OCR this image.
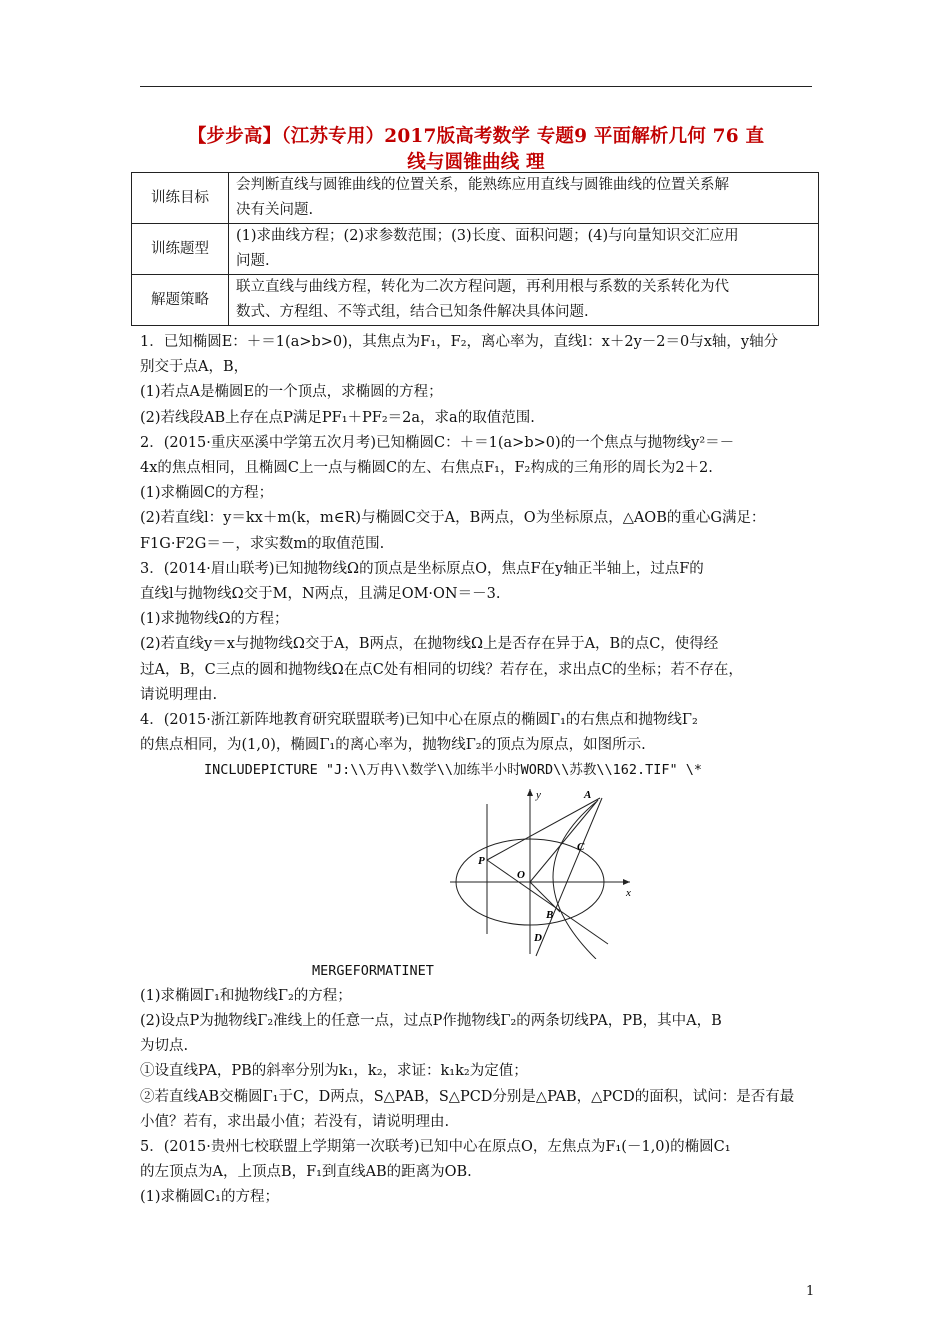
【步步高】（江苏专用）2017版高考数学 专题9 平面解析几何 76 直
线与圆锥曲线 理
训练目标	会判断直线与圆锥曲线的位置关系，能熟练应用直线与圆锥曲线的位置关系解
决有关问题.

训练题型	(1)求曲线方程；(2)求参数范围；(3)长度、面积问题；(4)与向量知识交汇应用
问题.

解题策略	联立直线与曲线方程，转化为二次方程问题，再利用根与系数的关系转化为代
数式、方程组、不等式组，结合已知条件解决具体问题.

1．已知椭圆E：＋＝1(a>b>0)，其焦点为F₁，F₂，离心率为，直线l：x＋2y－2＝0与x轴，y轴分

别交于点A，B，

(1)若点A是椭圆E的一个顶点，求椭圆的方程；

(2)若线段AB上存在点P满足PF₁＋PF₂＝2a，求a的取值范围.

2．(2015·重庆巫溪中学第五次月考)已知椭圆C：＋＝1(a>b>0)的一个焦点与抛物线y²＝－

4x的焦点相同，且椭圆C上一点与椭圆C的左、右焦点F₁，F₂构成的三角形的周长为2＋2.

(1)求椭圆C的方程；

(2)若直线l：y＝kx＋m(k，m∈R)与椭圆C交于A，B两点，O为坐标原点，△AOB的重心G满足：

F1G·F2G＝－，求实数m的取值范围.

3．(2014·眉山联考)已知抛物线Ω的顶点是坐标原点O，焦点F在y轴正半轴上，过点F的

直线l与抛物线Ω交于M，N两点，且满足OM·ON＝－3.

(1)求抛物线Ω的方程；

(2)若直线y＝x与抛物线Ω交于A，B两点，在抛物线Ω上是否存在异于A，B的点C，使得经

过A，B，C三点的圆和抛物线Ω在点C处有相同的切线？若存在，求出点C的坐标；若不存在，

请说明理由.

4．(2015·浙江新阵地教育研究联盟联考)已知中心在原点的椭圆Γ₁的右焦点和抛物线Γ₂

的焦点相同，为(1,0)，椭圆Γ₁的离心率为，抛物线Γ₂的顶点为原点，如图所示.

INCLUDEPICTURE "J:\\万冉\\数学\\加练半小时WORD\\苏教\\162.TIF" \*

y
x
O
P
A
C
B
D

MERGEFORMATINET

(1)求椭圆Γ₁和抛物线Γ₂的方程；

(2)设点P为抛物线Γ₂准线上的任意一点，过点P作抛物线Γ₂的两条切线PA，PB，其中A，B

为切点.

①设直线PA，PB的斜率分别为k₁，k₂，求证：k₁k₂为定值；

②若直线AB交椭圆Γ₁于C，D两点，S△PAB，S△PCD分别是△PAB，△PCD的面积，试问：是否有最

小值？若有，求出最小值；若没有，请说明理由.

5．(2015·贵州七校联盟上学期第一次联考)已知中心在原点O，左焦点为F₁(－1,0)的椭圆C₁

的左顶点为A，上顶点B，F₁到直线AB的距离为OB.

(1)求椭圆C₁的方程；

1
